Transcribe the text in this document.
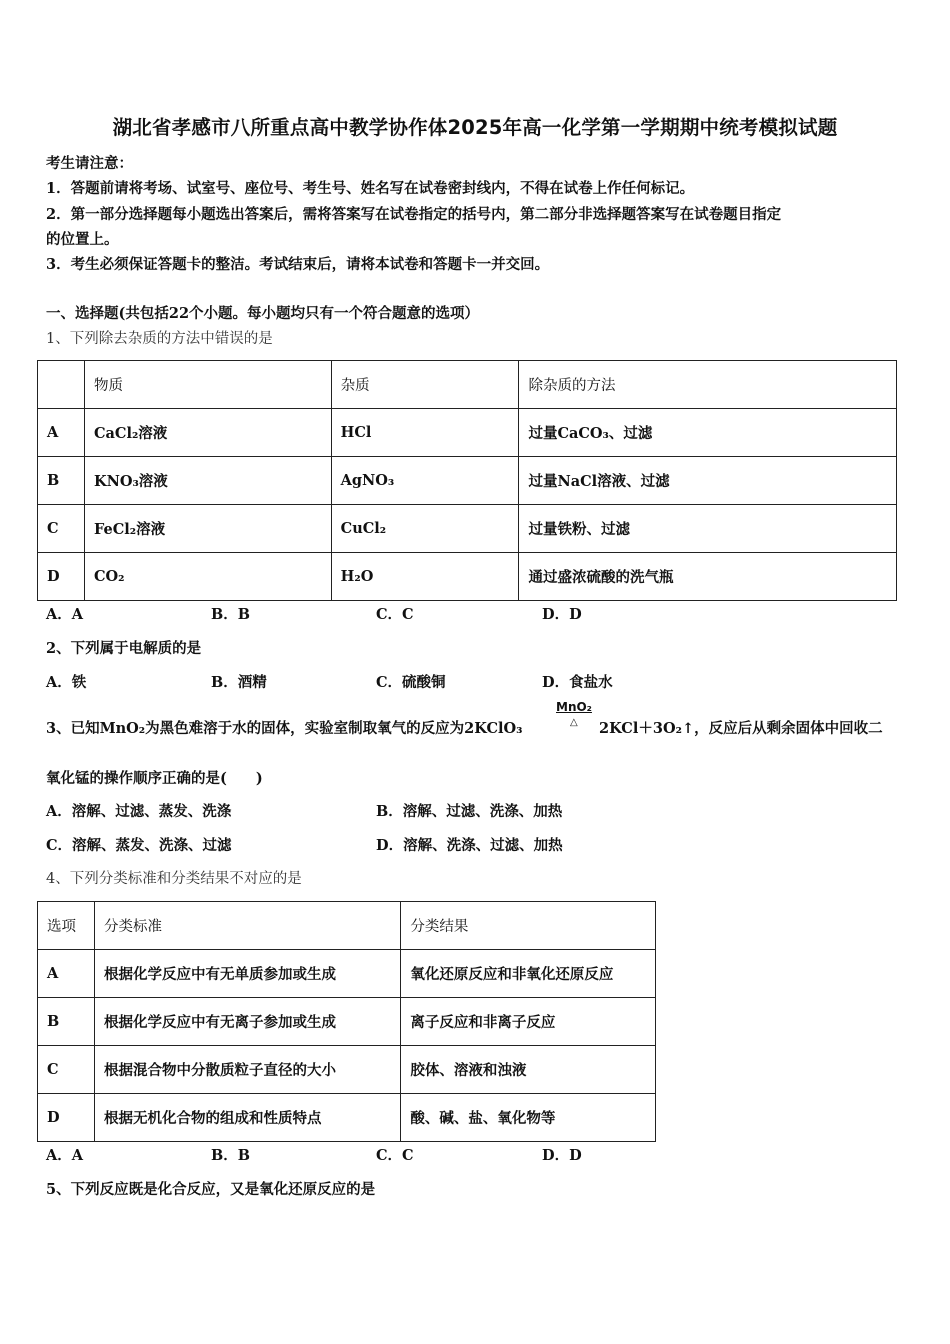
湖北省孝感市八所重点高中教学协作体2025年高一化学第一学期期中统考模拟试题
考生请注意：
1．答题前请将考场、试室号、座位号、考生号、姓名写在试卷密封线内，不得在试卷上作任何标记。
2．第一部分选择题每小题选出答案后，需将答案写在试卷指定的括号内，第二部分非选择题答案写在试卷题目指定
的位置上。
3．考生必须保证答题卡的整洁。考试结束后，请将本试卷和答题卡一并交回。
一、选择题(共包括22个小题。每小题均只有一个符合题意的选项）
1、下列除去杂质的方法中错误的是
	物质	杂质	除杂质的方法
A	CaCl₂溶液	HCl	过量CaCO₃、过滤
B	KNO₃溶液	AgNO₃	过量NaCl溶液、过滤
C	FeCl₂溶液	CuCl₂	过量铁粉、过滤
D	CO₂	H₂O	通过盛浓硫酸的洗气瓶
A．A	B．B	C．C	D．D
2、下列属于电解质的是
A．铁	B．酒精	C．硫酸铜	D．食盐水
3、已知MnO₂为黑色难溶于水的固体，实验室制取氧气的反应为2KClO₃
MnO₂
△ 2KCl＋3O₂↑，反应后从剩余固体中回收二
氧化锰的操作顺序正确的是(　　)
A．溶解、过滤、蒸发、洗涤	B．溶解、过滤、洗涤、加热
C．溶解、蒸发、洗涤、过滤	D．溶解、洗涤、过滤、加热
4、下列分类标准和分类结果不对应的是
选项	分类标准	分类结果
A	根据化学反应中有无单质参加或生成	氧化还原反应和非氧化还原反应
B	根据化学反应中有无离子参加或生成	离子反应和非离子反应
C	根据混合物中分散质粒子直径的大小	胶体、溶液和浊液
D	根据无机化合物的组成和性质特点	酸、碱、盐、氧化物等
A．A	B．B	C．C	D．D
5、下列反应既是化合反应，又是氧化还原反应的是
